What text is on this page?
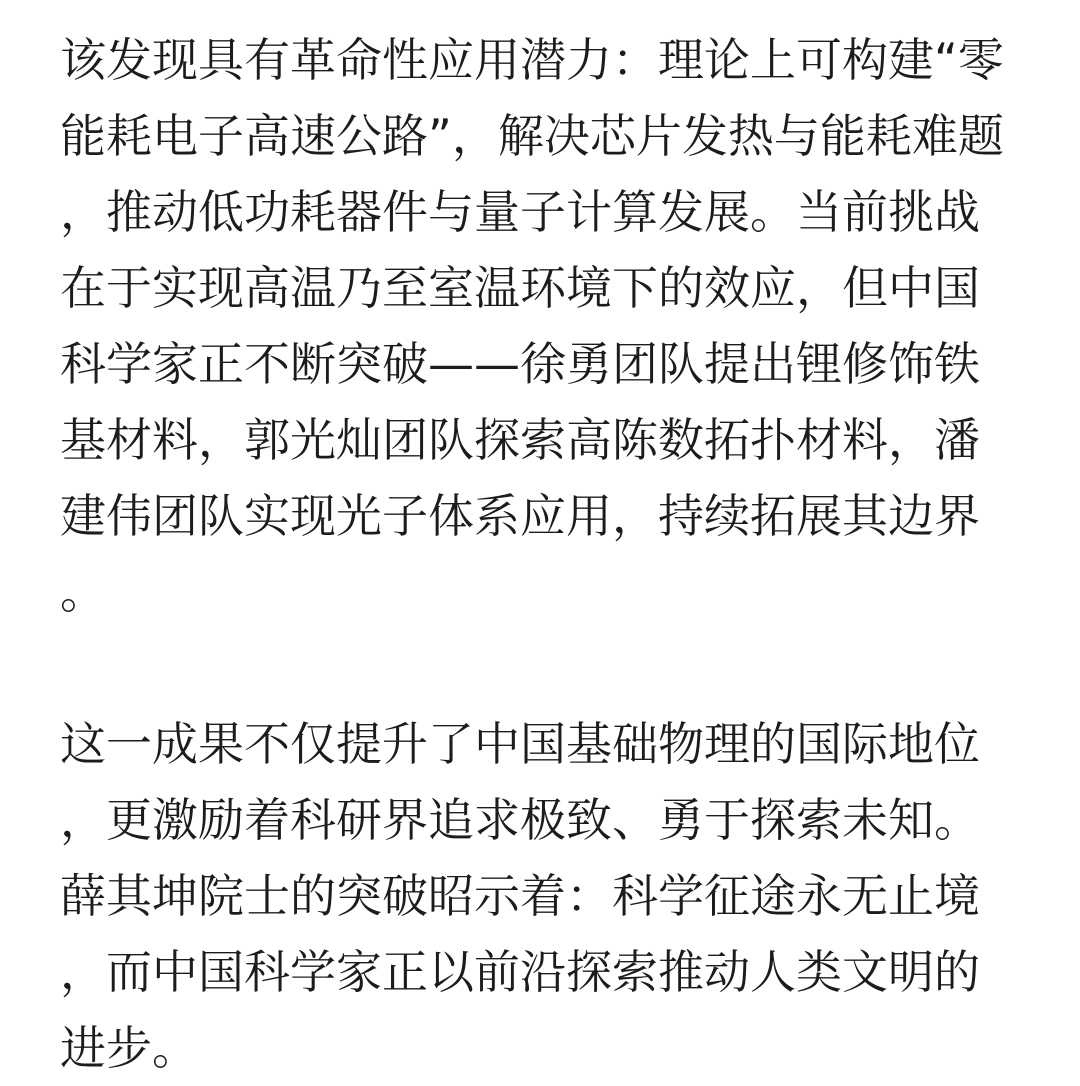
该发现具有革命性应用潜力：理论上可构建“零能耗电子高速公路”，解决芯片发热与能耗难题，推动低功耗器件与量子计算发展。当前挑战在于实现高温乃至室温环境下的效应，但中国科学家正不断突破——徐勇团队提出锂修饰铁基材料，郭光灿团队探索高陈数拓扑材料，潘建伟团队实现光子体系应用，持续拓展其边界。

这一成果不仅提升了中国基础物理的国际地位，更激励着科研界追求极致、勇于探索未知。薛其坤院士的突破昭示着：科学征途永无止境，而中国科学家正以前沿探索推动人类文明的进步。
